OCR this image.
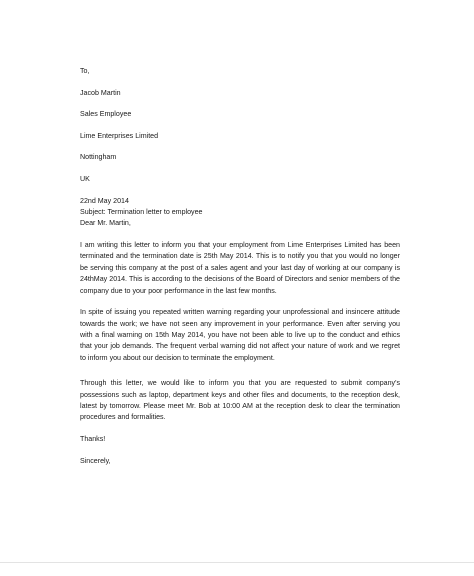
To,
Jacob Martin
Sales Employee
Lime Enterprises Limited
Nottingham
UK
22nd May 2014
Subject: Termination letter to employee
Dear Mr. Martin,
I am writing this letter to inform you that your employment from Lime Enterprises Limited has been terminated and the termination date is 25th May 2014. This is to notify you that you would no longer be serving this company at the post of a sales agent and your last day of working at our company is 24thMay 2014. This is according to the decisions of the Board of Directors and senior members of the company due to your poor performance in the last few months.
In spite of issuing you repeated written warning regarding your unprofessional and insincere attitude towards the work; we have not seen any improvement in your performance. Even after serving you with a final warning on 15th May 2014, you have not been able to live up to the conduct and ethics that your job demands. The frequent verbal warning did not affect your nature of work and we regret to inform you about our decision to terminate the employment.
Through this letter, we would like to inform you that you are requested to submit company's possessions such as laptop, department keys and other files and documents, to the reception desk, latest by tomorrow. Please meet Mr. Bob at 10:00 AM at the reception desk to clear the termination procedures and formalities.
Thanks!
Sincerely,
